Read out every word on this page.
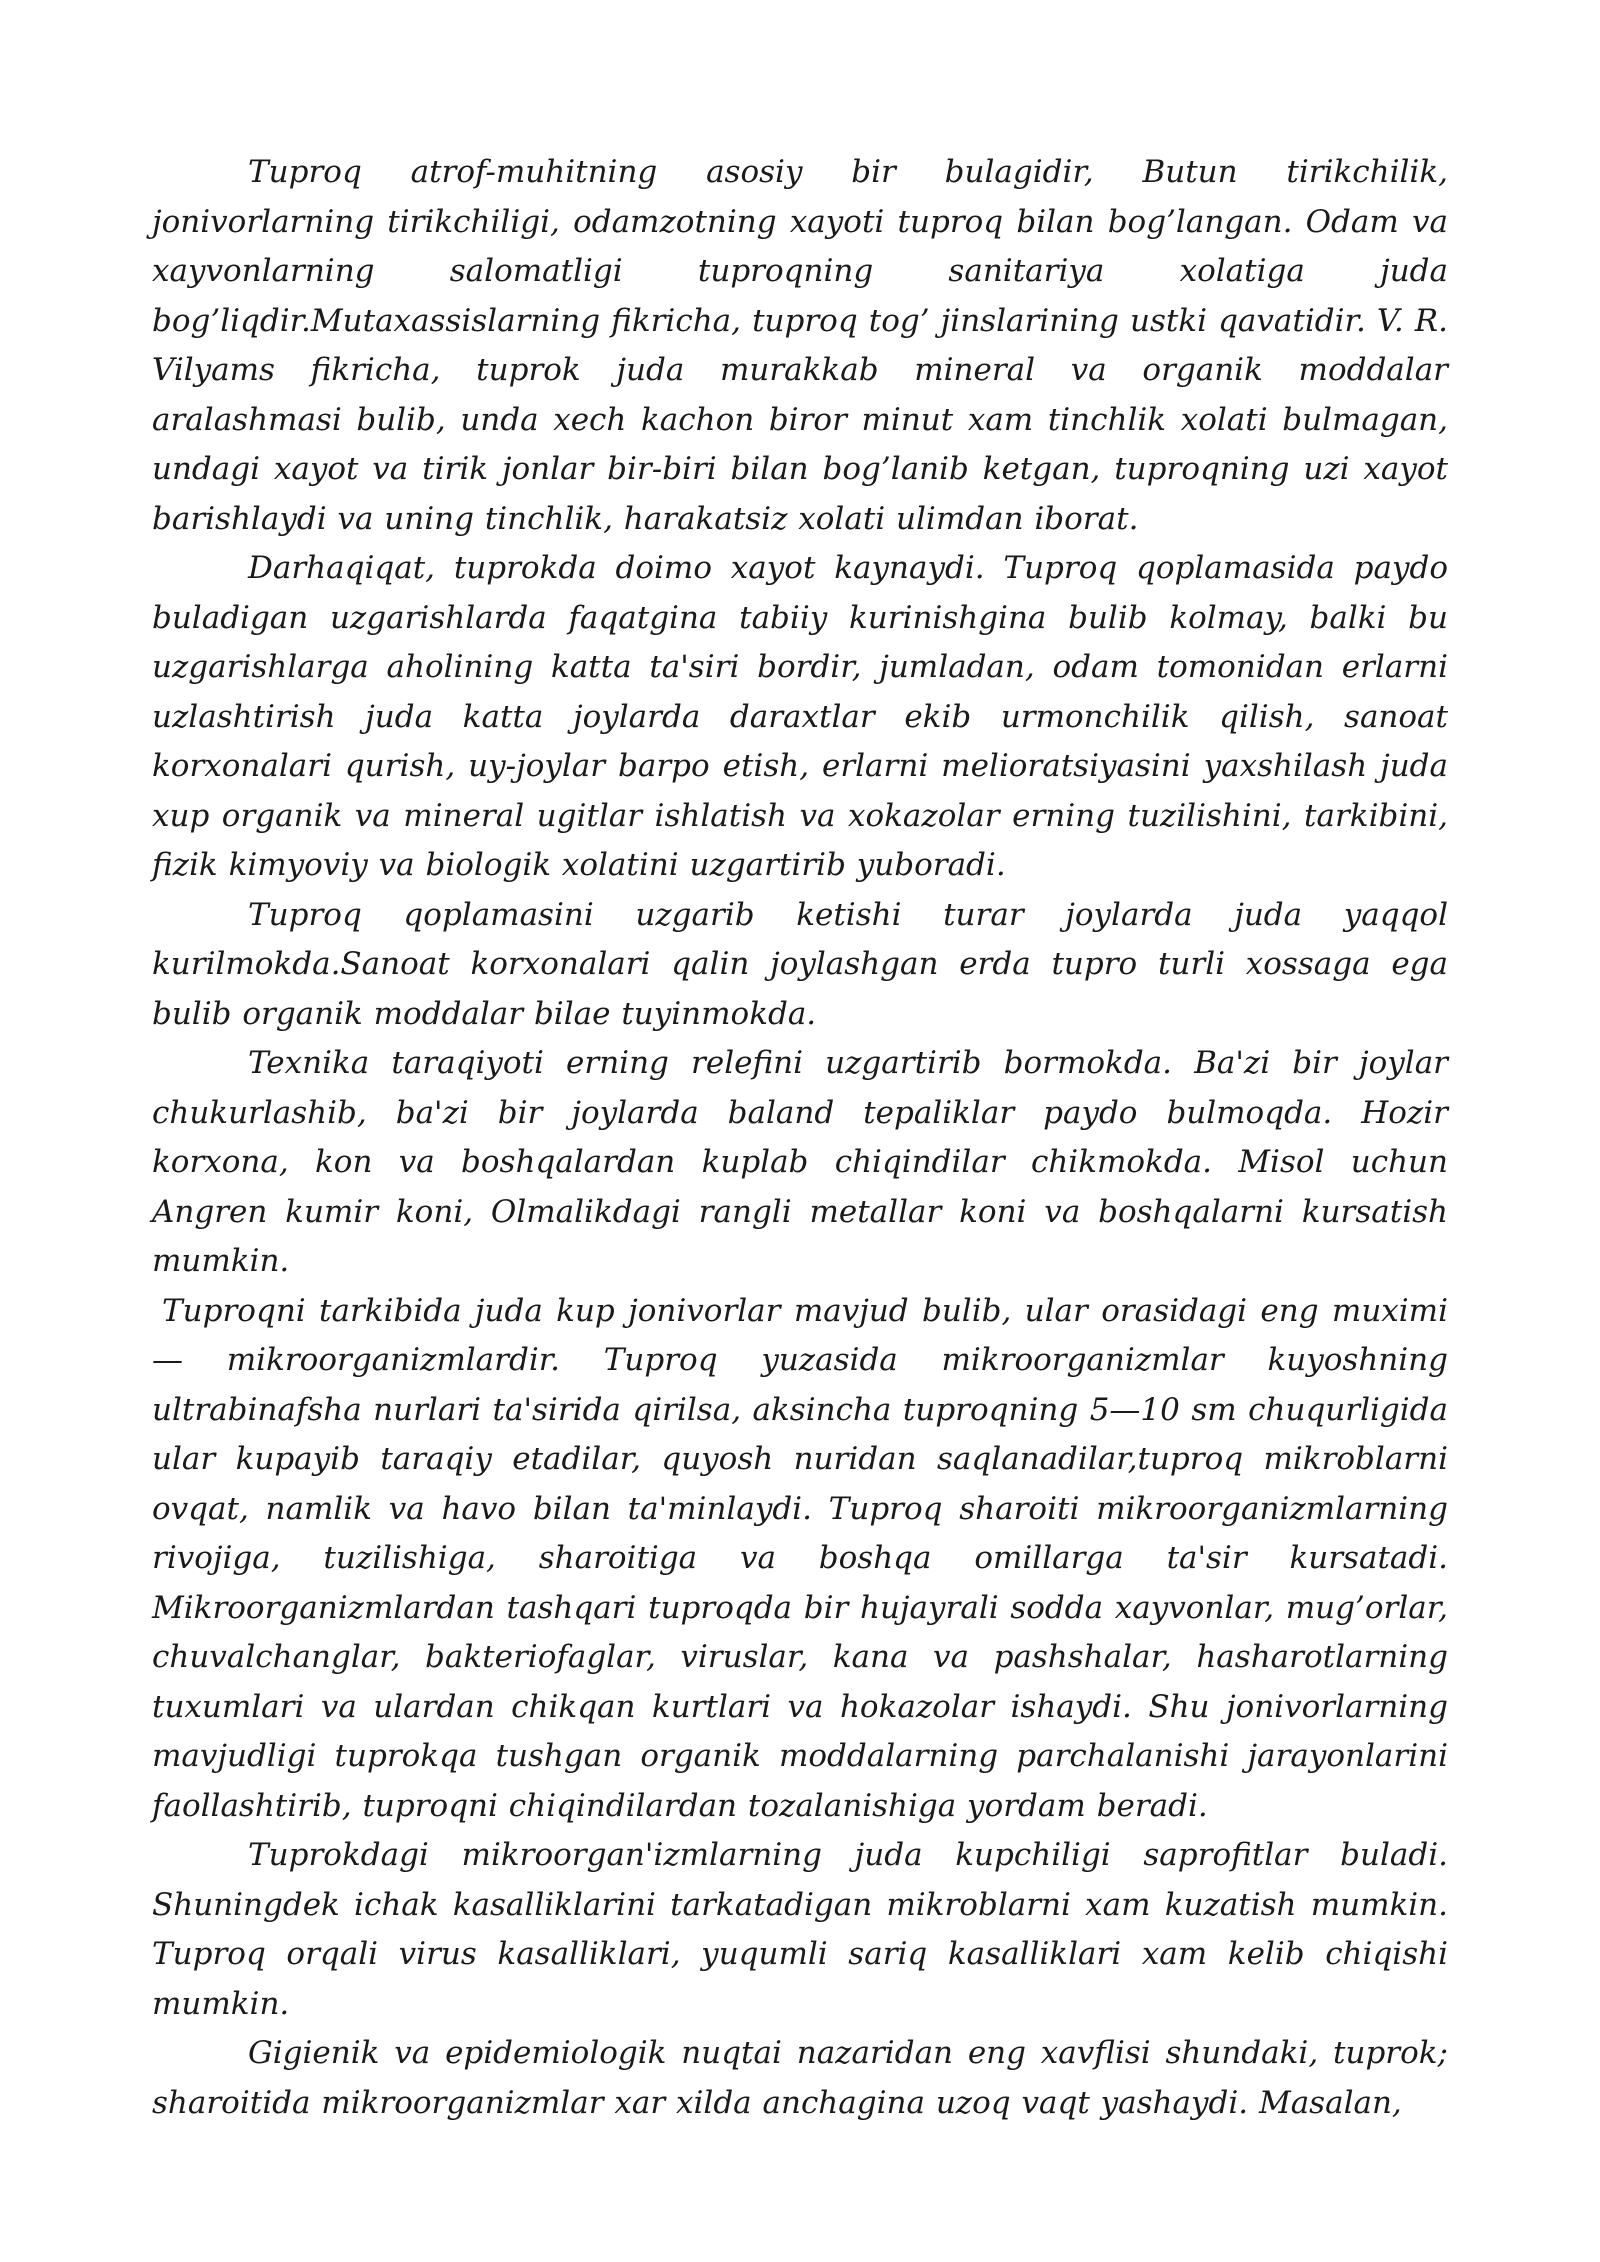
Tuproq atrof-muhitning asosiy bir bulagidir, Butun tirikchilik, jonivorlarning tirikchiligi, odamzotning xayoti tuproq bilan bog’langan. Odam va xayvonlarning salomatligi tuproqning sanitariya xolatiga juda bog’liqdir.Mutaxassislarning fikricha, tuproq tog’ jinslarining ustki qavatidir. V. R. Vilyams fikricha, tuprok juda murakkab mineral va organik moddalar aralashmasi bulib, unda xech kachon biror minut xam tinchlik xolati bulmagan, undagi xayot va tirik jonlar bir-biri bilan bog’lanib ketgan, tuproqning uzi xayot barishlaydi va uning tinchlik, harakatsiz xolati ulimdan iborat.

Darhaqiqat, tuprokda doimo xayot kaynaydi. Tuproq qoplamasida paydo buladigan uzgarishlarda faqatgina tabiiy kurinishgina bulib kolmay, balki bu uzgarishlarga aholining katta ta'siri bordir, jumladan, odam tomonidan erlarni uzlashtirish juda katta joylarda daraxtlar ekib urmonchilik qilish, sanoat korxonalari qurish, uy-joylar barpo etish, erlarni melioratsiyasini yaxshilash juda xup organik va mineral ugitlar ishlatish va xokazolar erning tuzilishini, tarkibini, fizik kimyoviy va biologik xolatini uzgartirib yuboradi.

Tuproq qoplamasini uzgarib ketishi turar joylarda juda yaqqol kurilmokda.Sanoat korxonalari qalin joylashgan erda tupro turli xossaga ega bulib organik moddalar bilae tuyinmokda.

Texnika taraqiyoti erning relefini uzgartirib bormokda. Ba'zi bir joylar chukurlashib, ba'zi bir joylarda baland tepaliklar paydo bulmoqda. Hozir korxona, kon va boshqalardan kuplab chiqindilar chikmokda. Misol uchun Angren kumir koni, Olmalikdagi rangli metallar koni va boshqalarni kursatish mumkin.

Tuproqni tarkibida juda kup jonivorlar mavjud bulib, ular orasidagi eng muximi — mikroorganizmlardir. Tuproq yuzasida mikroorganizmlar kuyoshning ultrabinafsha nurlari ta'sirida qirilsa, aksincha tuproqning 5—10 sm chuqurligida ular kupayib taraqiy etadilar, quyosh nuridan saqlanadilar,tuproq mikroblarni ovqat, namlik va havo bilan ta'minlaydi. Tuproq sharoiti mikroorganizmlarning rivojiga, tuzilishiga, sharoitiga va boshqa omillarga ta'sir kursatadi. Mikroorganizmlardan tashqari tuproqda bir hujayrali sodda xayvonlar, mug’orlar, chuvalchanglar, bakteriofaglar, viruslar, kana va pashshalar, hasharotlarning tuxumlari va ulardan chikqan kurtlari va hokazolar ishaydi. Shu jonivorlarning mavjudligi tuprokqa tushgan organik moddalarning parchalanishi jarayonlarini faollashtirib, tuproqni chiqindilardan tozalanishiga yordam beradi.

Tuprokdagi mikroorgan'izmlarning juda kupchiligi saprofitlar buladi. Shuningdek ichak kasalliklarini tarkatadigan mikroblarni xam kuzatish mumkin. Tuproq orqali virus kasalliklari, yuqumli sariq kasalliklari xam kelib chiqishi mumkin.

Gigienik va epidemiologik nuqtai nazaridan eng xavflisi shundaki, tuprok; sharoitida mikroorganizmlar xar xilda anchagina uzoq vaqt yashaydi. Masalan,
